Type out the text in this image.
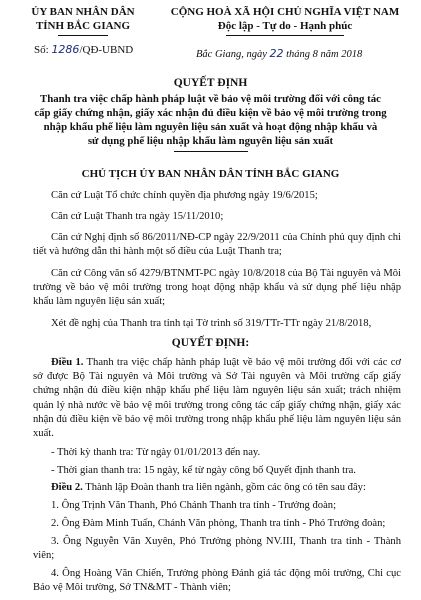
ỦY BAN NHÂN DÂN
TỈNH BẮC GIANG
Số: 1286/QĐ-UBND
CỘNG HOÀ XÃ HỘI CHỦ NGHĨA VIỆT NAM
Độc lập - Tự do - Hạnh phúc
Bắc Giang, ngày 22 tháng 8 năm 2018
QUYẾT ĐỊNH
Thanh tra việc chấp hành pháp luật về bảo vệ môi trường đối với công tác
cấp giấy chứng nhận, giấy xác nhận đủ điều kiện về bảo vệ môi trường trong
nhập khẩu phế liệu làm nguyên liệu sản xuất và hoạt động nhập khẩu và
sử dụng phế liệu nhập khẩu làm nguyên liệu sản xuất
CHỦ TỊCH ỦY BAN NHÂN DÂN TỈNH BẮC GIANG
Căn cứ Luật Tổ chức chính quyền địa phương ngày 19/6/2015;
Căn cứ Luật Thanh tra ngày 15/11/2010;
Căn cứ Nghị định số 86/2011/NĐ-CP ngày 22/9/2011 của Chính phủ quy định chi tiết và hướng dẫn thi hành một số điều của Luật Thanh tra;
Căn cứ Công văn số 4279/BTNMT-PC ngày 10/8/2018 của Bộ Tài nguyên và Môi trường về bảo vệ môi trường trong hoạt động nhập khẩu và sử dụng phế liệu nhập khẩu làm nguyên liệu sản xuất;
Xét đề nghị của Thanh tra tỉnh tại Tờ trình số 319/TTr-TTr ngày 21/8/2018,
QUYẾT ĐỊNH:
Điều 1. Thanh tra việc chấp hành pháp luật về bảo vệ môi trường đối với các cơ sở được Bộ Tài nguyên và Môi trường và Sở Tài nguyên và Môi trường cấp giấy chứng nhận đủ điều kiện nhập khẩu phế liệu làm nguyên liệu sản xuất; trách nhiệm quản lý nhà nước về bảo vệ môi trường trong công tác cấp giấy chứng nhận, giấy xác nhận đủ điều kiện về bảo vệ môi trường trong nhập khẩu phế liệu làm nguyên liệu sản xuất.
- Thời kỳ thanh tra: Từ ngày 01/01/2013 đến nay.
- Thời gian thanh tra: 15 ngày, kể từ ngày công bố Quyết định thanh tra.
Điều 2. Thành lập Đoàn thanh tra liên ngành, gồm các ông có tên sau đây:
1. Ông Trịnh Văn Thanh, Phó Chánh Thanh tra tỉnh - Trưởng đoàn;
2. Ông Đàm Minh Tuấn, Chánh Văn phòng, Thanh tra tỉnh - Phó Trưởng đoàn;
3. Ông Nguyễn Văn Xuyên, Phó Trưởng phòng NV.III, Thanh tra tỉnh - Thành viên;
4. Ông Hoàng Văn Chiến, Trưởng phòng Đánh giá tác động môi trường, Chi cục Bảo vệ Môi trường, Sở TN&MT - Thành viên;
